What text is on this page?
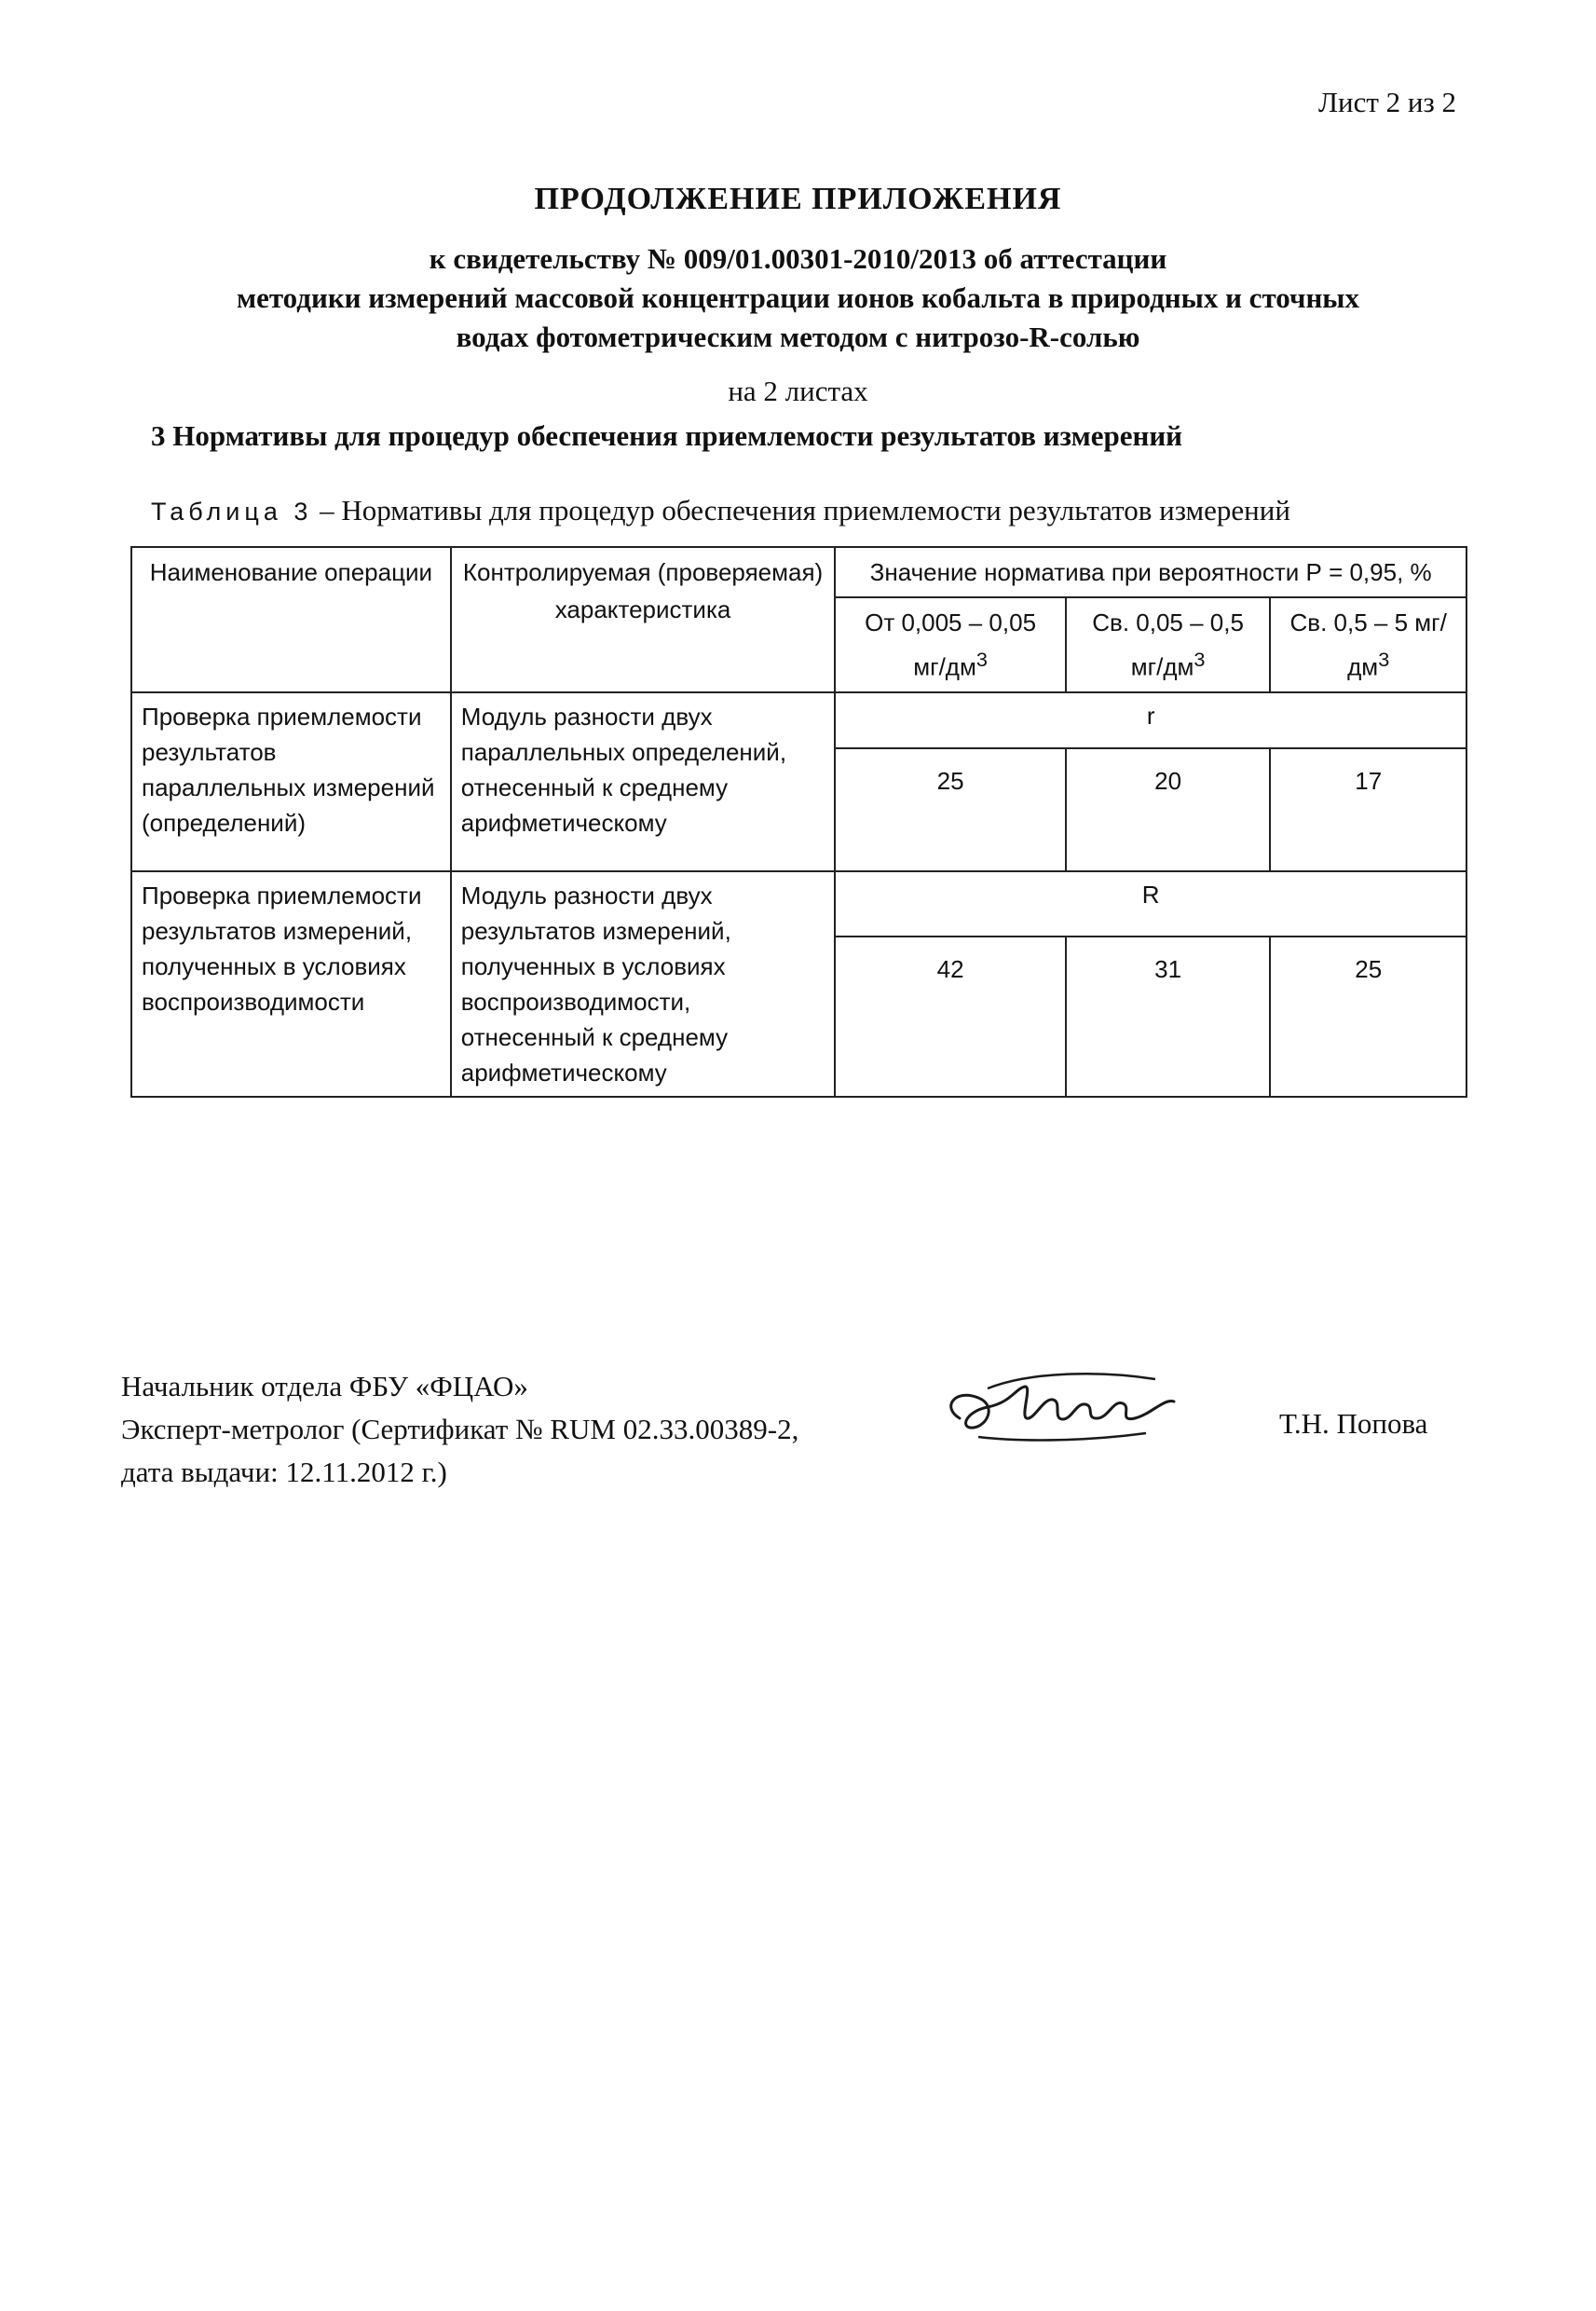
Лист 2 из 2
ПРОДОЛЖЕНИЕ ПРИЛОЖЕНИЯ
к свидетельству № 009/01.00301-2010/2013 об аттестации
методики измерений массовой концентрации ионов кобальта в природных и сточных
водах фотометрическим методом с нитрозо-R-солью
на 2 листах
3 Нормативы для процедур обеспечения приемлемости результатов измерений
Таблица 3 – Нормативы для процедур обеспечения приемлемости результатов измерений
Наименование операции	Контролируемая (проверяемая) характеристика	Значение норматива при вероятности Р = 0,95, %		
		От 0,005 – 0,05 $мг/дм^3$	Св. 0,05 – 0,5 $мг/дм^3$	Св. 0,5 – 5 $мг/дм^3$
Проверка приемлемости результатов параллельных измерений (определений)	Модуль разности двух параллельных определений, отнесенный к среднему арифметическому	r		
		25	20	17
Проверка приемлемости результатов измерений, полученных в условиях воспроизводимости	Модуль разности двух результатов измерений, полученных в условиях воспроизводимости, отнесенный к среднему арифметическому	R		
		42	31	25
Начальник отдела ФБУ «ФЦАО»
Эксперт-метролог (Сертификат № RUM 02.33.00389-2,
дата выдачи: 12.11.2012 г.)
Т.Н. Попова
